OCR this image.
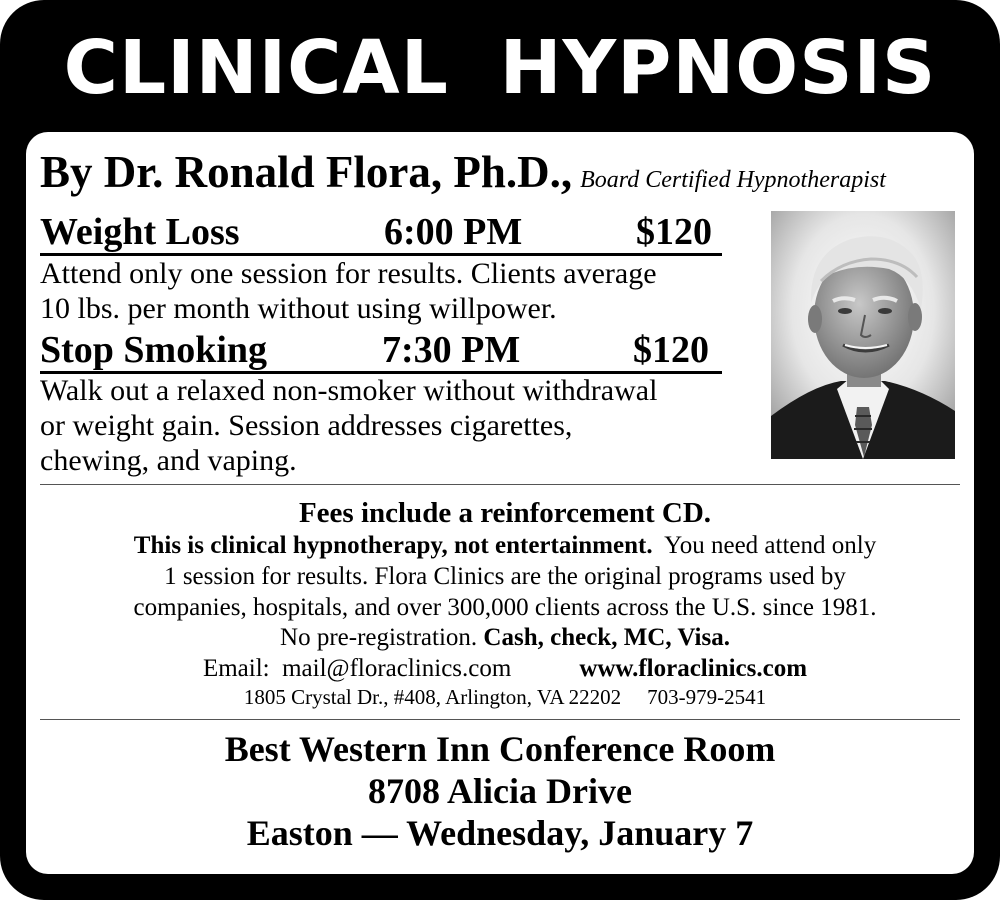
CLINICAL HYPNOSIS
By Dr. Ronald Flora, Ph.D., Board Certified Hypnotherapist
Weight Loss	6:00 PM	$120
Attend only one session for results. Clients average
10 lbs. per month without using willpower.
Stop Smoking	7:30 PM	$120
Walk out a relaxed non-smoker without withdrawal
or weight gain. Session addresses cigarettes,
chewing, and vaping.
Fees include a reinforcement CD.
This is clinical hypnotherapy, not entertainment. You need attend only
1 session for results. Flora Clinics are the original programs used by
companies, hospitals, and over 300,000 clients across the U.S. since 1981.
No pre-registration. Cash, check, MC, Visa.
Email: mail@floraclinics.com	www.floraclinics.com
1805 Crystal Dr., #408, Arlington, VA 22202 703-979-2541
Best Western Inn Conference Room
8708 Alicia Drive
Easton — Wednesday, January 7
